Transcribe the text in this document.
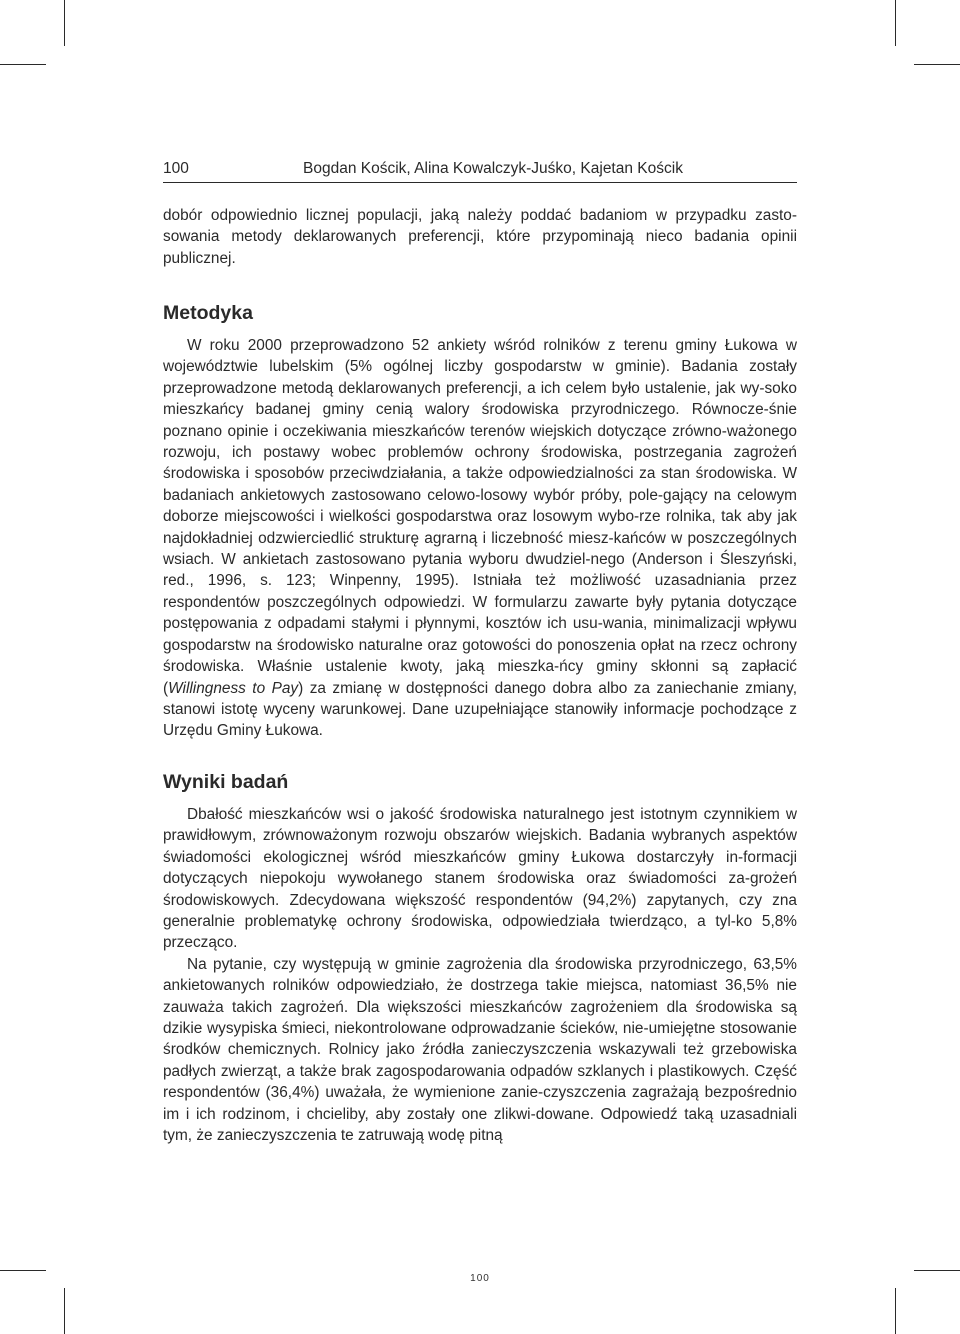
100	Bogdan Kościk, Alina Kowalczyk-Juśko, Kajetan Kościk

dobór odpowiednio licznej populacji, jaką należy poddać badaniom w przypadku zasto-sowania metody deklarowanych preferencji, które przypominają nieco badania opinii publicznej.

Metodyka

W roku 2000 przeprowadzono 52 ankiety wśród rolników z terenu gminy Łukowa w województwie lubelskim (5% ogólnej liczby gospodarstw w gminie). Badania zostały przeprowadzone metodą deklarowanych preferencji, a ich celem było ustalenie, jak wy-soko mieszkańcy badanej gminy cenią walory środowiska przyrodniczego. Równocze-śnie poznano opinie i oczekiwania mieszkańców terenów wiejskich dotyczące zrówno-ważonego rozwoju, ich postawy wobec problemów ochrony środowiska, postrzegania zagrożeń środowiska i sposobów przeciwdziałania, a także odpowiedzialności za stan środowiska. W badaniach ankietowych zastosowano celowo-losowy wybór próby, pole-gający na celowym doborze miejscowości i wielkości gospodarstwa oraz losowym wybo-rze rolnika, tak aby jak najdokładniej odzwierciedlić strukturę agrarną i liczebność miesz-kańców w poszczególnych wsiach. W ankietach zastosowano pytania wyboru dwudziel-nego (Anderson i Śleszyński, red., 1996, s. 123; Winpenny, 1995). Istniała też możliwość uzasadniania przez respondentów poszczególnych odpowiedzi. W formularzu zawarte były pytania dotyczące postępowania z odpadami stałymi i płynnymi, kosztów ich usu-wania, minimalizacji wpływu gospodarstw na środowisko naturalne oraz gotowości do ponoszenia opłat na rzecz ochrony środowiska. Właśnie ustalenie kwoty, jaką mieszka-ńcy gminy skłonni są zapłacić (Willingness to Pay) za zmianę w dostępności danego dobra albo za zaniechanie zmiany, stanowi istotę wyceny warunkowej. Dane uzupełniające stanowiły informacje pochodzące z Urzędu Gminy Łukowa.

Wyniki badań

Dbałość mieszkańców wsi o jakość środowiska naturalnego jest istotnym czynnikiem w prawidłowym, zrównoważonym rozwoju obszarów wiejskich. Badania wybranych aspektów świadomości ekologicznej wśród mieszkańców gminy Łukowa dostarczyły in-formacji dotyczących niepokoju wywołanego stanem środowiska oraz świadomości za-grożeń środowiskowych. Zdecydowana większość respondentów (94,2%) zapytanych, czy zna generalnie problematykę ochrony środowiska, odpowiedziała twierdząco, a tyl-ko 5,8% przecząco.

Na pytanie, czy występują w gminie zagrożenia dla środowiska przyrodniczego, 63,5% ankietowanych rolników odpowiedziało, że dostrzega takie miejsca, natomiast 36,5% nie zauważa takich zagrożeń. Dla większości mieszkańców zagrożeniem dla środowiska są dzikie wysypiska śmieci, niekontrolowane odprowadzanie ścieków, nie-umiejętne stosowanie środków chemicznych. Rolnicy jako źródła zanieczyszczenia wskazywali też grzebowiska padłych zwierząt, a także brak zagospodarowania odpadów szklanych i plastikowych. Część respondentów (36,4%) uważała, że wymienione zanie-czyszczenia zagrażają bezpośrednio im i ich rodzinom, i chcieliby, aby zostały one zlikwi-dowane. Odpowiedź taką uzasadniali tym, że zanieczyszczenia te zatruwają wodę pitną

100
